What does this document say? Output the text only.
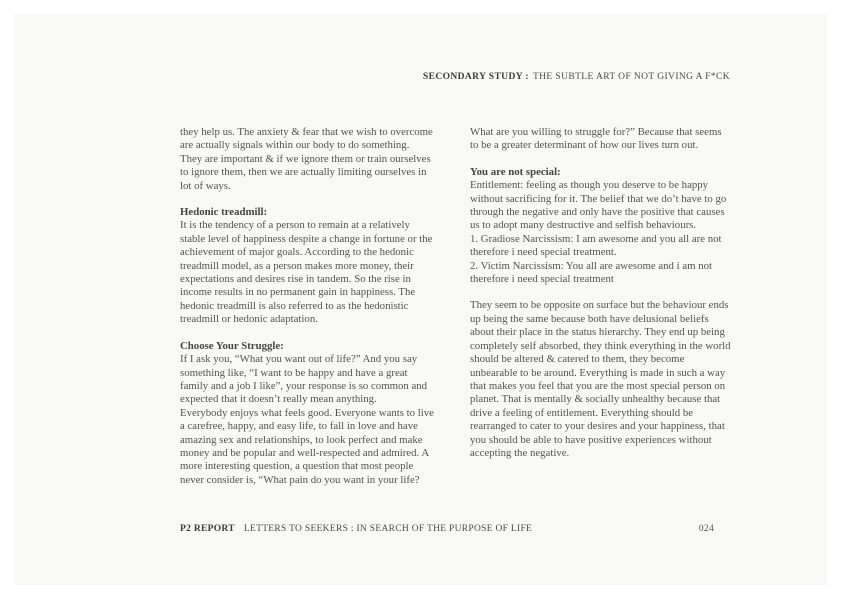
SECONDARY STUDY : THE SUBTLE ART OF NOT GIVING A F*CK

they help us. The anxiety & fear that we wish to overcome are actually signals within our body to do something. They are important & if we ignore them or train ourselves to ignore them, then we are actually limiting ourselves in lot of ways.

Hedonic treadmill:

It is the tendency of a person to remain at a relatively stable level of happiness despite a change in fortune or the achievement of major goals. According to the hedonic treadmill model, as a person makes more money, their expectations and desires rise in tandem. So the rise in income results in no permanent gain in happiness. The hedonic treadmill is also referred to as the hedonistic treadmill or hedonic adaptation.

Choose Your Struggle:

If I ask you, “What you want out of life?” And you say something like, “I want to be happy and have a great family and a job I like”, your response is so common and expected that it doesn’t really mean anything.

Everybody enjoys what feels good. Everyone wants to live a carefree, happy, and easy life, to fall in love and have amazing sex and relationships, to look perfect and make money and be popular and well-respected and admired. A more interesting question, a question that most people never consider is, “What pain do you want in your life?

What are you willing to struggle for?” Because that seems to be a greater determinant of how our lives turn out.

You are not special:

Entitlement: feeling as though you deserve to be happy without sacrificing for it. The belief that we do’t have to go through the negative and only have the positive that causes us to adopt many destructive and selfish behaviours.

1. Gradiose Narcissism: I am awesome and you all are not therefore i need special treatment.

2. Victim Narcissism: You all are awesome and i am not therefore i need special treatment

They seem to be opposite on surface but the behaviour ends up being the same because both have delusional beliefs about their place in the status hierarchy. They end up being completely self absorbed, they think everything in the world should be altered & catered to them, they become unbearable to be around. Everything is made in such a way that makes you feel that you are the most special person on planet. That is mentally & socially unhealthy because that drive a feeling of entitlement. Everything should be rearranged to cater to your desires and your happiness, that you should be able to have positive experiences without accepting the negative.

P2 REPORT LETTERS TO SEEKERS : IN SEARCH OF THE PURPOSE OF LIFE	024
